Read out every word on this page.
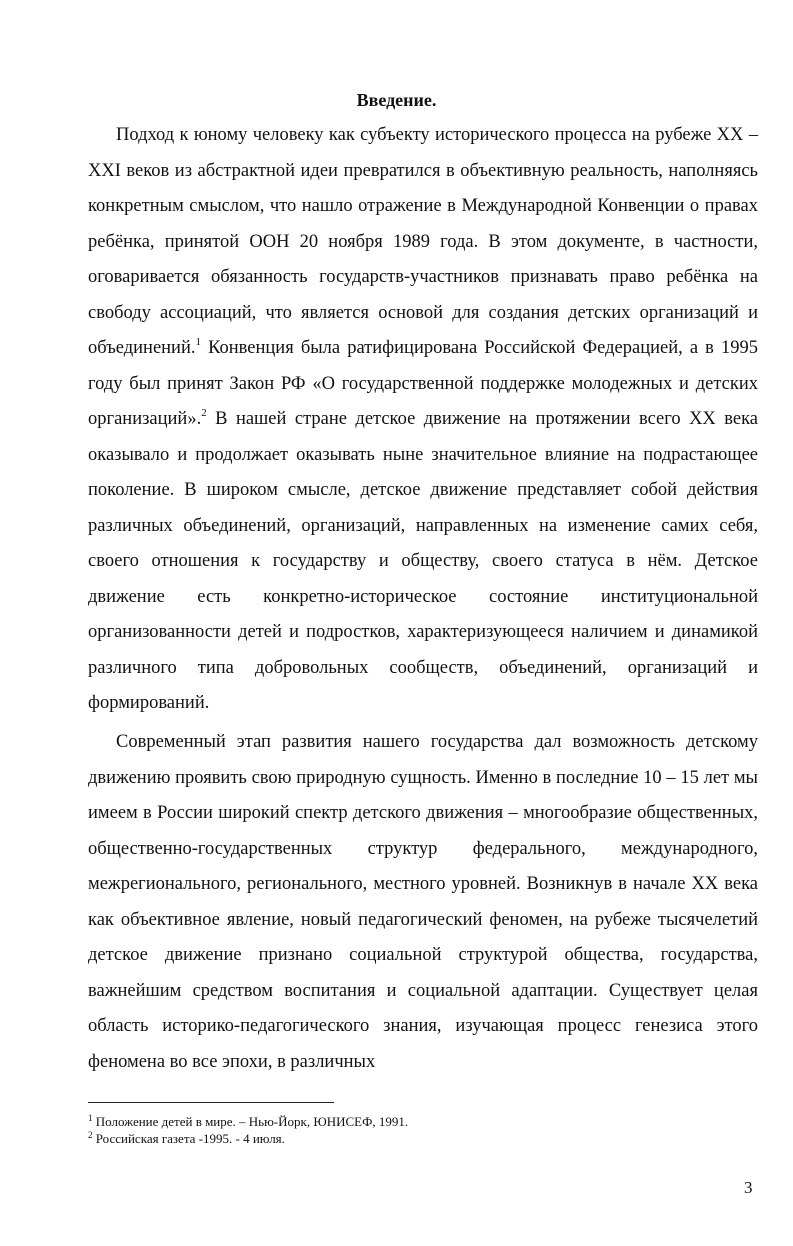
Введение.

Подход к юному человеку как субъекту исторического процесса на рубеже XX – XXI веков из абстрактной идеи превратился в объективную реальность, наполняясь конкретным смыслом, что нашло отражение в Международной Конвенции о правах ребёнка, принятой ООН 20 ноября 1989 года. В этом документе, в частности, оговаривается обязанность государств-участников признавать право ребёнка на свободу ассоциаций, что является основой для создания детских организаций и объединений.$^1$ Конвенция была ратифицирована Российской Федерацией, а в 1995 году был принят Закон РФ «О государственной поддержке молодежных и детских организаций».$^2$ В нашей стране детское движение на протяжении всего XX века оказывало и продолжает оказывать ныне значительное влияние на подрастающее поколение. В широком смысле, детское движение представляет собой действия различных объединений, организаций, направленных на изменение самих себя, своего отношения к государству и обществу, своего статуса в нём. Детское движение есть конкретно-историческое состояние институциональной организованности детей и подростков, характеризующееся наличием и динамикой различного типа добровольных сообществ, объединений, организаций и формирований.

Современный этап развития нашего государства дал возможность детскому движению проявить свою природную сущность. Именно в последние 10 – 15 лет мы имеем в России широкий спектр детского движения – многообразие общественных, общественно-государственных структур федерального, международного, межрегионального, регионального, местного уровней. Возникнув в начале XX века как объективное явление, новый педагогический феномен, на рубеже тысячелетий детское движение признано социальной структурой общества, государства, важнейшим средством воспитания и социальной адаптации. Существует целая область историко-педагогического знания, изучающая процесс генезиса этого феномена во все эпохи, в различных

$^1$ Положение детей в мире. – Нью-Йорк, ЮНИСЕФ, 1991.
$^2$ Российская газета -1995. - 4 июля.
3
